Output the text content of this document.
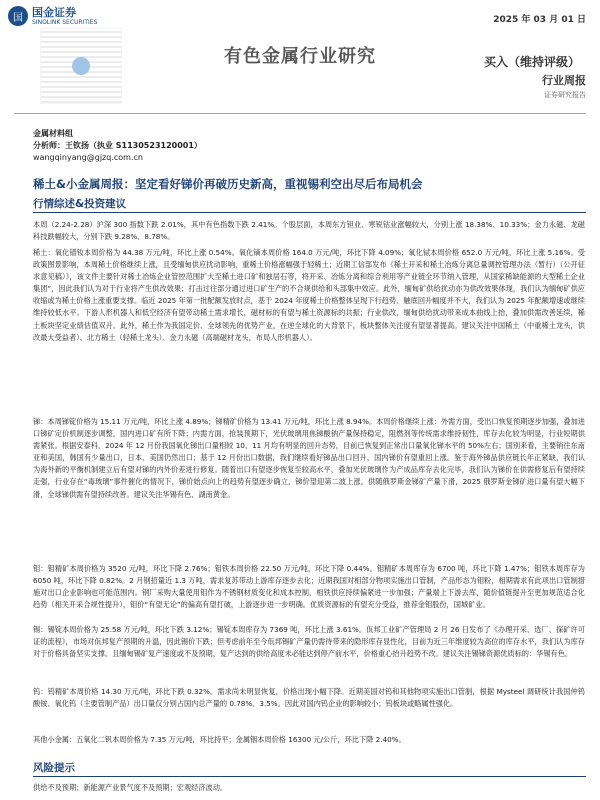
国 国金证券
SINOLINK SECURITIES	2025 年 03 月 01 日
有色金属行业研究	买入（维持评级）
行业周报
证券研究报告
金属材料组
分析师：王钦扬（执业 S1130523120001）
wangqinyang@gjzq.com.cn
稀土&小金属周报：坚定看好锑价再破历史新高，重视锡利空出尽后布局机会
行情综述&投资建议
本周（2.24-2.28）沪深 300 指数下跌 2.01%，其中有色指数下跌 2.41%。个股层面，本周东方钽业、寒锐钴业涨幅较大，分别上涨 18.38%、10.33%；金力永磁、龙磁科技跌幅较大，分别下跌 9.28%、8.78%。
稀土：氧化镨钕本周价格为 44.38 万元/吨，环比上涨 0.54%。氧化镝本周价格 164.0 万元/吨，环比下降 4.09%；氧化铽本周价格 652.0 万元/吨，环比上涨 5.16%。受政策图景影响，本周稀土价格继续上涨，且受缅甸供应扰动影响，重稀土价格涨幅强于轻稀土；近期工信部发布《稀土开采和稀土冶炼分离总量调控管理办法（暂行）（公开征求意见稿）》，该文件主要针对稀土冶炼企业管控范围扩大至稀土进口矿和独居石等，将开采、冶炼分离和综合利用等产业链全环节纳入管理，从国家稀缺能源的大型稀土企业集团”，因此我们认为对于行业将产生供改效果；打击过往部分通过进口矿生产的不合规供给和头部集中效应。此外，缅甸矿供给扰动亦为供改效果体现，我们认为缅甸矿供应收缩或为稀土价格上涨重要支撑。临近 2025 年第一批配额发放时点，基于 2024 年度稀土价格整体呈现下行趋势、触底回升幅度并不大，我们认为 2025 年配额增速或继续维持较低水平。下游人形机器人和低空经济有望带动稀土需求增长，磁材标的有望与稀土资源标的共振；行业供改，缅甸供给扰动带来成本曲线上抬，叠加供需改善延续，稀土板块坚定业绩估值双升。此外，稀土作为我国定价、全球领先的优势产业，在逆全球化的大背景下，板块整体关注度有望显著提高。建议关注中国稀土（中重稀土龙头，供改最大受益者）、北方稀土（轻稀土龙头）、金力永磁（高端磁材龙头，布局人形机器人）。
锑：本周锑锭价格为 15.11 万元/吨，环比上涨 4.89%；锑精矿价格为 13.41 万元/吨，环比上涨 8.94%。本周价格继续上涨：外需方面，受出口恢复预期逐步加强，叠加进口锑矿定价机制逐步调整，国内进口矿有所下降；内需方面，抢装预期下，光伏玻璃用焦锑酸钠产量保持稳定，阻燃剂等传统需求维持韧性，库存去化较为明显，行业短期供需紧张。根据安泰科，2024 年 12 月份我国氧化锑出口量相较 10、11 月均有明显的回升态势，目前已恢复到正常出口量氧化锑水平的 50%左右；国别来看，主要销往东南亚和美国，韩国有少量出口，日本、美国仍然出口；基于 12 月份出口数据，我们继续看好锑品出口回升，国内锑价有望重回上涨。鉴于海外锑品供应链长年正紧缺，我们认为海外新的平衡机制建立后有望对锑的内外价差进行修复。随着出口有望逐步恢复至较高水平，叠加光伏玻璃作为产成品库存去化完毕，我们认为锑价在供需修复后有望持续走强，行业存在“毒玻璃”事件催化的情况下，锑价始点向上的趋势有望逐步确立，锑价望迎第二波上涨。供随俄罗斯金锑矿产量下滑，2025 俄罗斯金锑矿进口量有望大幅下滑，全球锑供需有望持续改善。建议关注华锡有色、湖南黄金。
钼：钼精矿本周价格为 3520 元/吨，环比下降 2.76%；钼铁本周价格 22.50 万元/吨，环比下降 0.44%。钼精矿本周库存为 6700 吨，环比下降 1.47%；钼铁本周库存为 6050 吨，环比下降 0.82%。2 月钢招量近 1.3 万吨，需求复苏带动上游库存逐步去化；近期我国对相部分物项实施出口管制，产品形态为钼粉，相期需求有此项出口管制措施对出口企业影响也可能范围内。钢厂采购大量使用钼作为不锈钢材质变化和成本控制，相铁供应持续偏紧进一步加强；产量端上下游去库，随价值链提升至更加规范适合化趋势（相关开采合规性提升），钼价“有望无论”的偏高有望打破，上游逐步进一步明确。优质资源标的有望充分受益，推荐金钼股份，国城矿业。
锡：锡锭本周价格为 25.58 万元/吨，环比下跌 3.12%；锡锭本周库存为 7369 吨，环比上涨 3.61%。佤邦工业矿产管理局 2 月 26 日发布了《办理开采、选厂、探矿许可证的流程》，市场对佤邦复产预期的升温，因此锡价下跌；但考虑前年至今佤邦锡矿产量仍需待带来的隐形库存显性化，目前为近三年维度较为高位的库存水平，我们认为库存对于价格具备坚实支撑。且缅甸锡矿复产速度或不及预期，复产达到的供给高度未必能达到停产前水平，价格重心抬升趋势不改。建议关注锡锑资源优质标的：华锡有色。
钨：钨精矿本周价格 14.30 万元/吨，环比下跌 0.32%。需求尚未明显恢复，价格出现小幅下降。近期美国对钨和其他物项实施出口管制，根据 Mysteel 调研统计我国仲钨酸铵、氧化钨（主要管制产品）出口量仅分别占国内总产量的 0.78%、3.5%。因此对国内钨企业的影响较小；钨板块或略属性强化。
其他小金属：五氧化二钒本周价格为 7.35 万元/吨，环比持平；金属铟本周价格 16300 元/公斤，环比下降 2.40%。
风险提示
供给不及预期；新能源产业景气度不及预期；宏观经济波动。
